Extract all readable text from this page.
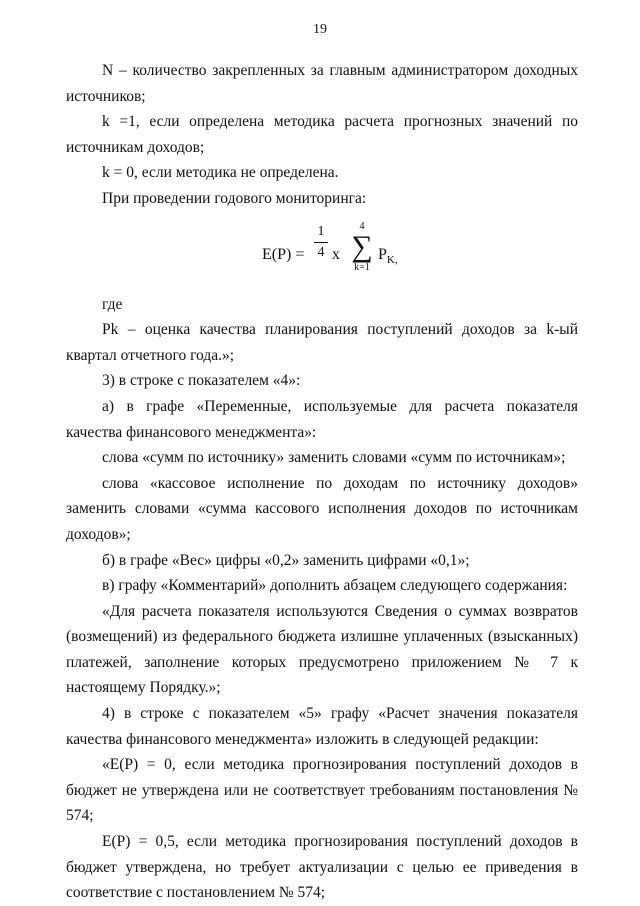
19

N – количество закрепленных за главным администратором доходных источников;

k =1, если определена методика расчета прогнозных значений по источникам доходов;

k = 0, если методика не определена.

При проведении годового мониторинга:

E(P) =
1
4 x
4
∑
k=1
$P_{K,}$

где

Pk – оценка качества планирования поступлений доходов за k-ый квартал отчетного года.»;

3) в строке с показателем «4»:

а) в графе «Переменные, используемые для расчета показателя качества финансового менеджмента»:

слова «сумм по источнику» заменить словами «сумм по источникам»;

слова «кассовое исполнение по доходам по источнику доходов» заменить словами «сумма кассового исполнения доходов по источникам доходов»;

б) в графе «Вес» цифры «0,2» заменить цифрами «0,1»;

в) графу «Комментарий» дополнить абзацем следующего содержания:

«Для расчета показателя используются Сведения о суммах возвратов (возмещений) из федерального бюджета излишне уплаченных (взысканных) платежей, заполнение которых предусмотрено приложением № 7 к настоящему Порядку.»;

4) в строке с показателем «5» графу «Расчет значения показателя качества финансового менеджмента» изложить в следующей редакции:

«E(P) = 0, если методика прогнозирования поступлений доходов в бюджет не утверждена или не соответствует требованиям постановления № 574;

E(P) = 0,5, если методика прогнозирования поступлений доходов в бюджет утверждена, но требует актуализации с целью ее приведения в соответствие с постановлением № 574;
